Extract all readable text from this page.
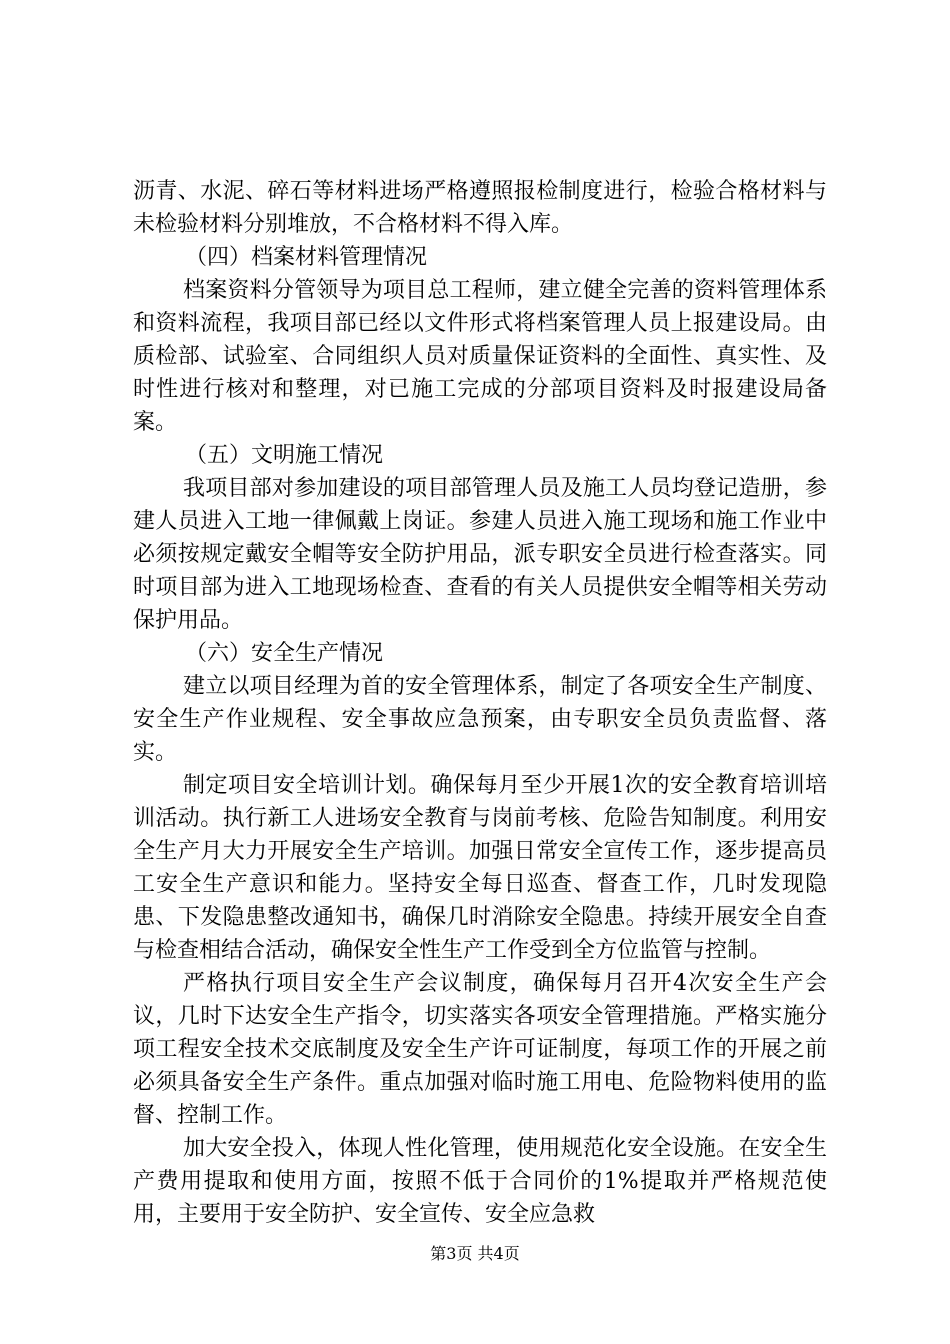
沥青、水泥、碎石等材料进场严格遵照报检制度进行，检验合格材料与未检验材料分别堆放，不合格材料不得入库。

（四）档案材料管理情况

档案资料分管领导为项目总工程师，建立健全完善的资料管理体系和资料流程，我项目部已经以文件形式将档案管理人员上报建设局。由质检部、试验室、合同组织人员对质量保证资料的全面性、真实性、及时性进行核对和整理，对已施工完成的分部项目资料及时报建设局备案。

（五）文明施工情况

我项目部对参加建设的项目部管理人员及施工人员均登记造册，参建人员进入工地一律佩戴上岗证。参建人员进入施工现场和施工作业中必须按规定戴安全帽等安全防护用品，派专职安全员进行检查落实。同时项目部为进入工地现场检查、查看的有关人员提供安全帽等相关劳动保护用品。

（六）安全生产情况

建立以项目经理为首的安全管理体系，制定了各项安全生产制度、安全生产作业规程、安全事故应急预案，由专职安全员负责监督、落实。

制定项目安全培训计划。确保每月至少开展1次的安全教育培训培训活动。执行新工人进场安全教育与岗前考核、危险告知制度。利用安全生产月大力开展安全生产培训。加强日常安全宣传工作，逐步提高员工安全生产意识和能力。坚持安全每日巡查、督查工作，几时发现隐患、下发隐患整改通知书，确保几时消除安全隐患。持续开展安全自查与检查相结合活动，确保安全性生产工作受到全方位监管与控制。

严格执行项目安全生产会议制度，确保每月召开4次安全生产会议，几时下达安全生产指令，切实落实各项安全管理措施。严格实施分项工程安全技术交底制度及安全生产许可证制度，每项工作的开展之前必须具备安全生产条件。重点加强对临时施工用电、危险物料使用的监督、控制工作。

加大安全投入，体现人性化管理，使用规范化安全设施。在安全生产费用提取和使用方面，按照不低于合同价的1%提取并严格规范使用，主要用于安全防护、安全宣传、安全应急救

第3页 共4页
